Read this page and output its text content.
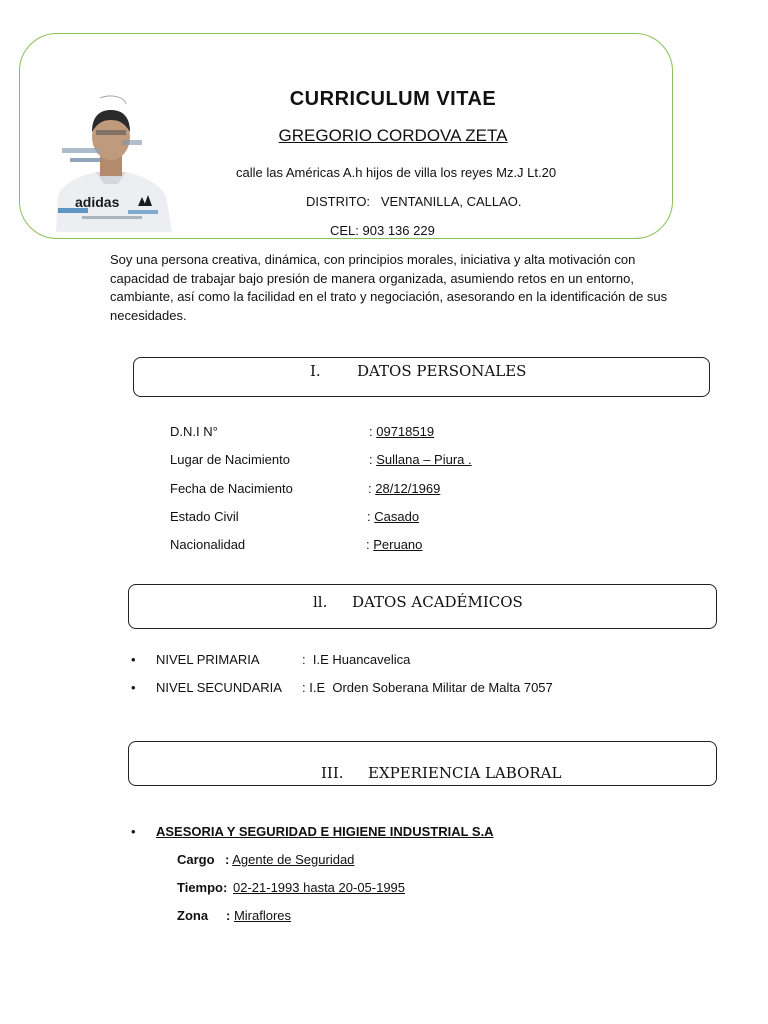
adidas
CURRICULUM VITAE
GREGORIO CORDOVA ZETA
calle las Américas A.h hijos de villa los reyes Mz.J Lt.20
DISTRITO: VENTANILLA, CALLAO.
CEL: 903 136 229
Soy una persona creativa, dinámica, con principios morales, iniciativa y alta motivación con capacidad de trabajar bajo presión de manera organizada, asumiendo retos en un entorno, cambiante, así como la facilidad en el trato y negociación, asesorando en la identificación de sus necesidades.
I. DATOS PERSONALES
D.N.I N°	: 09718519
Lugar de Nacimiento	: Sullana – Piura .
Fecha de Nacimiento	: 28/12/1969
Estado Civil	: Casado
Nacionalidad	: Peruano
ll. DATOS ACADÉMICOS
• NIVEL PRIMARIA	:  I.E Huancavelica
• NIVEL SECUNDARIA : I.E  Orden Soberana Militar de Malta 7057
III. EXPERIENCIA LABORAL
• ASESORIA Y SEGURIDAD E HIGIENE INDUSTRIAL S.A
Cargo : Agente de Seguridad
Tiempo: 02-21-1993 hasta 20-05-1995
Zona : Miraflores
